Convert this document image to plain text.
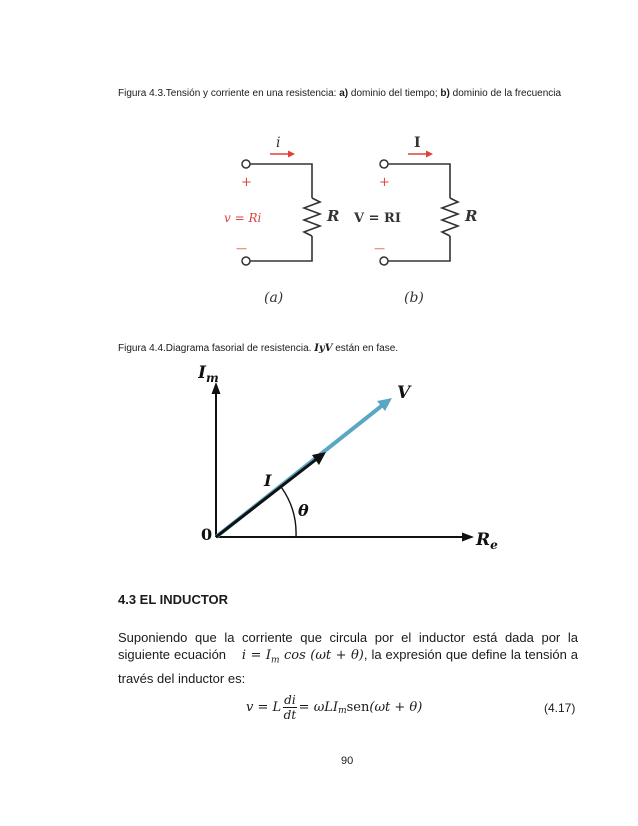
Figura 4.3.Tensión y corriente en una resistencia: a) dominio del tiempo; b) dominio de la frecuencia
i
+
—
v = Ri	R
(a)
I
+
—
V = RI	R
(b)
Figura 4.4.Diagrama fasorial de resistencia. IyV están en fase.
$I_m$
$R_e$
0
V
I
θ
4.3 EL INDUCTOR
Suponiendo que la corriente que circula por el inductor está dada por la siguiente ecuación $i = I_m$ cos (ωt + θ), la expresión que define la tensión a través del inductor es:
v = L $\frac{di}{dt} = \omega LI_m$ sen (ωt + θ)	(4.17)
90
